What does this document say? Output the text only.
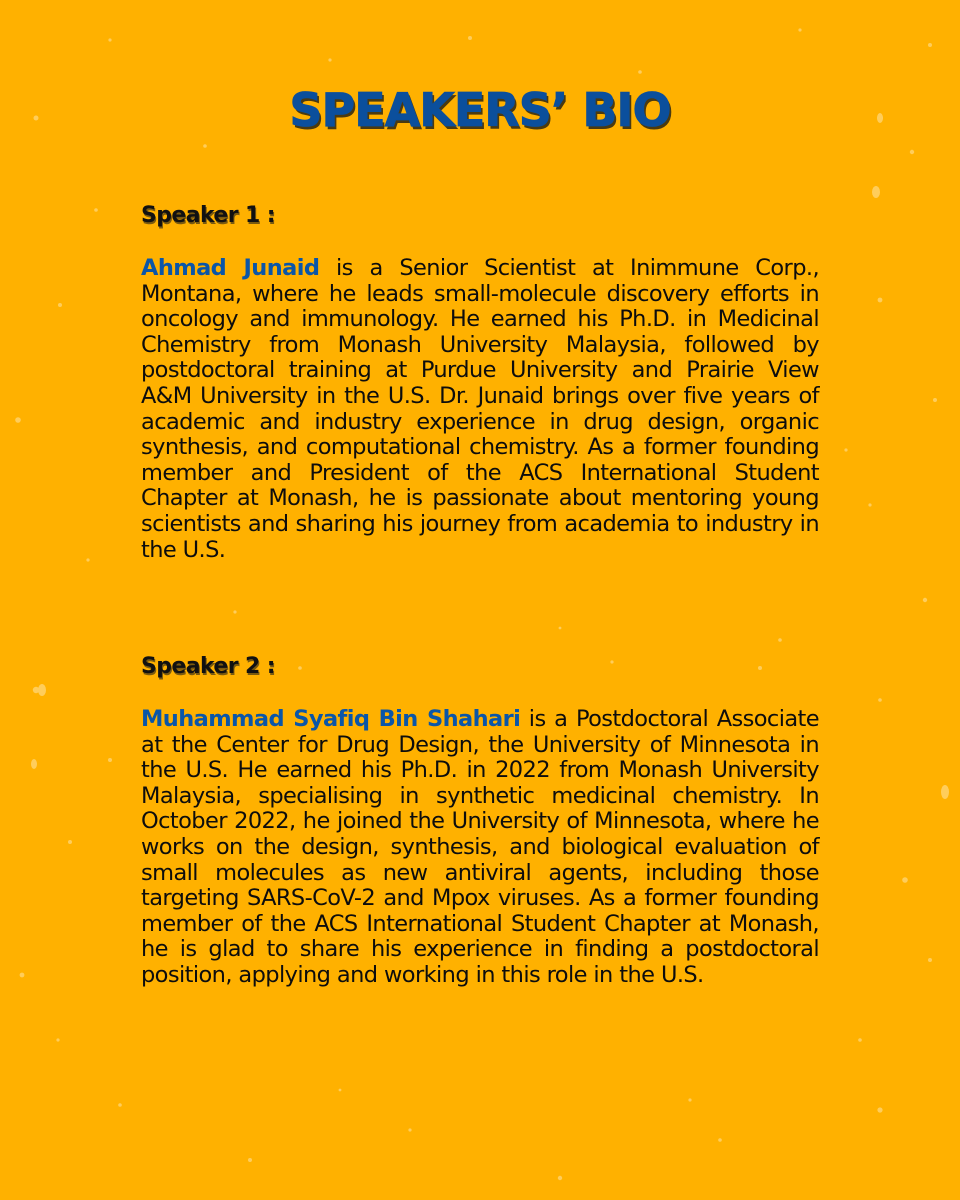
SPEAKERS’ BIO
Speaker 1 :

Ahmad Junaid is a Senior Scientist at Inimmune Corp., Montana, where he leads small-molecule discovery efforts in oncology and immunology. He earned his Ph.D. in Medicinal Chemistry from Monash University Malaysia, followed by postdoctoral training at Purdue University and Prairie View A&M University in the U.S. Dr. Junaid brings over five years of academic and industry experience in drug design, organic synthesis, and computational chemistry. As a former founding member and President of the ACS International Student Chapter at Monash, he is passionate about mentoring young scientists and sharing his journey from academia to industry in the U.S.

Speaker 2 :

Muhammad Syafiq Bin Shahari is a Postdoctoral Associate at the Center for Drug Design, the University of Minnesota in the U.S. He earned his Ph.D. in 2022 from Monash University Malaysia, specialising in synthetic medicinal chemistry. In October 2022, he joined the University of Minnesota, where he works on the design, synthesis, and biological evaluation of small molecules as new antiviral agents, including those targeting SARS-CoV-2 and Mpox viruses. As a former founding member of the ACS International Student Chapter at Monash, he is glad to share his experience in finding a postdoctoral position, applying and working in this role in the U.S.
